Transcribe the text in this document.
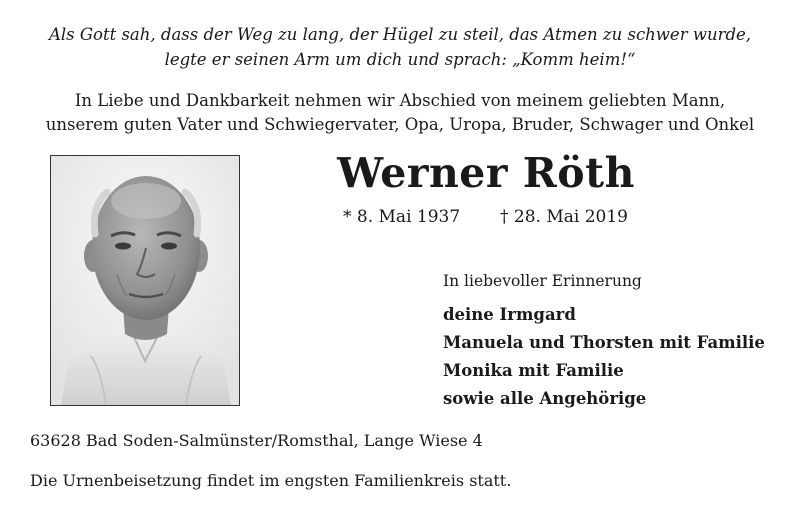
Als Gott sah, dass der Weg zu lang, der Hügel zu steil, das Atmen zu schwer wurde,
legte er seinen Arm um dich und sprach: „Komm heim!“
In Liebe und Dankbarkeit nehmen wir Abschied von meinem geliebten Mann,
unserem guten Vater und Schwiegervater, Opa, Uropa, Bruder, Schwager und Onkel
Werner Röth
* 8. Mai 1937 † 28. Mai 2019
In liebevoller Erinnerung
deine Irmgard
Manuela und Thorsten mit Familie
Monika mit Familie
sowie alle Angehörige
63628 Bad Soden-Salmünster/Romsthal, Lange Wiese 4
Die Urnenbeisetzung findet im engsten Familienkreis statt.
